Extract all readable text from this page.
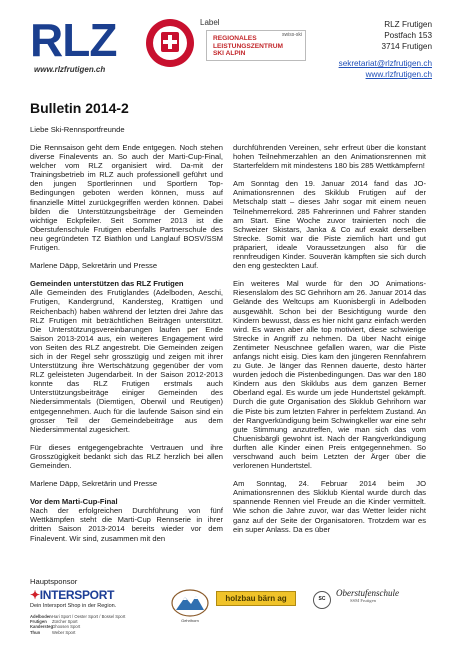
RLZ
www.rlzfrutigen.ch
Label
swiss-ski
REGIONALES
LEISTUNGSZENTRUM
SKI ALPIN
RLZ Frutigen
Postfach 153
3714 Frutigen
sekretariat@rlzfrutigen.ch
www.rlzfrutigen.ch
Bulletin 2014-2
Liebe Ski-Rennsportfreunde

Die Rennsaison geht dem Ende entgegen. Noch stehen diverse Finalevents an. So auch der Marti-Cup-Final, welcher vom RLZ organisiert wird. Da-mit der Trainingsbetrieb im RLZ auch professionell geführt und den jungen Sportlerinnen und Sportlern Top-Bedingungen geboten werden können, muss auf finanzielle Mittel zurückgegriffen werden können. Dabei bilden die Unterstützungsbeiträge der Gemeinden wichtige Eckpfeiler. Seit Sommer 2013 ist die Oberstufenschule Frutigen ebenfalls Partnerschule des neu gegründeten TZ Biathlon und Langlauf BOSV/SSM Frutigen.

Marlene Däpp, Sekretärin und Presse

Gemeinden unterstützen das RLZ Frutigen

Alle Gemeinden des Frutiglandes (Adelboden, Aeschi, Frutigen, Kandergrund, Kandersteg, Krattigen und Reichenbach) haben während der letzten drei Jahre das RLZ Frutigen mit beträchtlichen Beiträgen unterstützt. Die Unterstützungsvereinbarungen laufen per Ende Saison 2013-2014 aus, ein weiteres Engagement wird von Seiten des RLZ angestrebt. Die Gemeinden zeigen sich in der Regel sehr grosszügig und zeigen mit ihrer Unterstützung ihre Wertschätzung gegenüber der vom RLZ geleisteten Jugendarbeit. In der Saison 2012-2013 konnte das RLZ Frutigen erstmals auch Unterstützungsbeiträge einiger Gemeinden des Niedersimmentals (Diemtigen, Oberwil und Reutigen) entgegennehmen. Auch für die laufende Saison sind ein grosser Teil der Gemeindebeiträge aus dem Niedersimmental zugesichert.

Für dieses entgegengebrachte Vertrauen und ihre Grosszügigkeit bedankt sich das RLZ herzlich bei allen Gemeinden.

Marlene Däpp, Sekretärin und Presse

Vor dem Marti-Cup-Final

Nach der erfolgreichen Durchführung von fünf Wettkämpfen steht die Marti-Cup Rennserie in ihrer dritten Saison 2013-2014 bereits wieder vor dem Finalevent. Wir sind, zusammen mit den

durchführenden Vereinen, sehr erfreut über die konstant hohen Teilnehmerzahlen an den Animationsrennen mit Starterfeldern mit mindestens 180 bis 285 Wettkämpfern!

Am Sonntag den 19. Januar 2014 fand das JO-Animationsrennen des Skiklub Frutigen auf der Metschalp statt – dieses Jahr sogar mit einem neuen Teilnehmerrekord. 285 Fahrerinnen und Fahrer standen am Start. Eine Woche zuvor trainierten noch die Schweizer Skistars, Janka & Co auf exakt derselben Strecke. Somit war die Piste ziemlich hart und gut präpariert, ideale Voraussetzungen also für die rennfreudigen Kinder. Souverän kämpften sie sich durch den eng gesteckten Lauf.

Ein weiteres Mal wurde für den JO Animations-Riesenslalom des SC Gehrihorn am 26. Januar 2014 das Gelände des Weltcups am Kuonisbergli in Adelboden ausgewählt. Schon bei der Besichtigung wurde den Kindern bewusst, dass es hier nicht ganz einfach werden wird. Es waren aber alle top motiviert, diese schwierige Strecke in Angriff zu nehmen. Da über Nacht einige Zentimeter Neuschnee gefallen waren, war die Piste anfangs nicht eisig. Dies kam den jüngeren Rennfahrern zu Gute. Je länger das Rennen dauerte, desto härter wurden jedoch die Pistenbedingungen. Das war den 180 Kindern aus den Skiklubs aus dem ganzen Berner Oberland egal. Es wurde um jede Hundertstel gekämpft. Durch die gute Organisation des Skiklub Gehrihorn war die Piste bis zum letzten Fahrer in perfektem Zustand. An der Rangverkündigung beim Schwingkeller war eine sehr gute Stimmung anzutreffen, wie man sich das vom Chuenisbärgli gewohnt ist. Nach der Rangverkündigung durften alle Kinder einen Preis entgegennehmen. So verschwand auch beim Letzten der Ärger über die verlorenen Hundertstel.

Am Sonntag, 24. Februar 2014 beim JO Animationsrennen des Skiklub Kiental wurde durch das spannende Rennen viel Freude an die Kinder vermittelt. Wie schon die Jahre zuvor, war das Wetter leider nicht ganz auf der Seite der Organisatoren. Trotzdem war es ein super Anlass. Da es über

Hauptsponsor
✦INTERSPORT
Dein Intersport Shop in der Region.
AdelbodenHari Sport / Oester Sport / Bossel Sport
Frutigen Zürcher Sport
KanderstegGhoosen Sport
Thun	Weber Sport
Gehrihorn
holzbau bärn ag	SC
Oberstufenschule
SSM Frutigen
